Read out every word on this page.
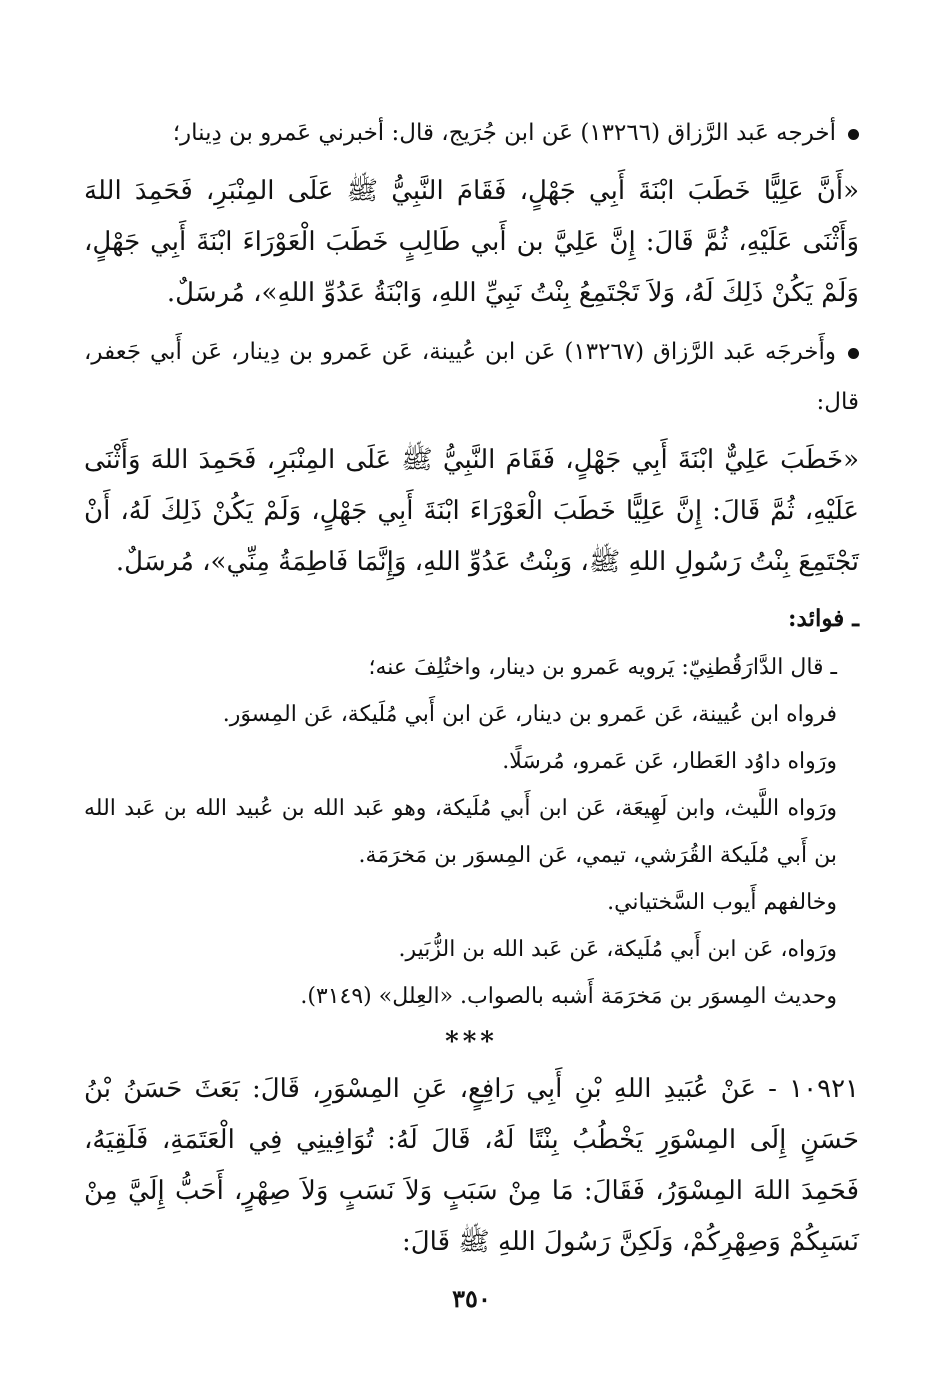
أخرجه عَبد الرَّزاق (١٣٢٦٦) عَن ابن جُرَيج، قال: أخبرني عَمرو بن دِينار؛

«أَنَّ عَلِيًّا خَطَبَ ابْنَةَ أَبِي جَهْلٍ، فَقَامَ النَّبِيُّ ﷺ عَلَى المِنْبَرِ، فَحَمِدَ اللهَ وَأَثْنَى عَلَيْهِ، ثُمَّ قَالَ: إِنَّ عَلِيَّ بن أَبي طَالِبٍ خَطَبَ الْعَوْرَاءَ ابْنَةَ أَبِي جَهْلٍ، وَلَمْ يَكُنْ ذَلِكَ لَهُ، وَلاَ تَجْتَمِعُ بِنْتُ نَبِيِّ اللهِ، وَابْنَةُ عَدُوِّ اللهِ»، مُرسَلٌ.

وأَخرجَه عَبد الرَّزاق (١٣٢٦٧) عَن ابن عُيينة، عَن عَمرو بن دِينار، عَن أَبي جَعفر، قال:

«خَطَبَ عَلِيٌّ ابْنَةَ أَبِي جَهْلٍ، فَقَامَ النَّبِيُّ ﷺ عَلَى المِنْبَرِ، فَحَمِدَ اللهَ وَأَثْنَى عَلَيْهِ، ثُمَّ قَالَ: إِنَّ عَلِيًّا خَطَبَ الْعَوْرَاءَ ابْنَةَ أَبِي جَهْلٍ، وَلَمْ يَكُنْ ذَلِكَ لَهُ، أَنْ تَجْتَمِعَ بِنْتُ رَسُولِ اللهِ ﷺ، وَبِنْتُ عَدُوِّ اللهِ، وَإِنَّمَا فَاطِمَةُ مِنِّي»، مُرسَلٌ.

ـ فوائد:

ـ قال الدَّارَقُطنِيّ: يَرويه عَمرو بن دينار، واختُلِفَ عنه؛

فرواه ابن عُيينة، عَن عَمرو بن دينار، عَن ابن أَبي مُلَيكة، عَن المِسوَر.

ورَواه داوُد العَطار، عَن عَمرو، مُرسَلًا.

ورَواه اللَّيث، وابن لَهِيعَة، عَن ابن أَبي مُلَيكة، وهو عَبد الله بن عُبيد الله بن عَبد الله بن أَبي مُلَيكة القُرَشي، تيمي، عَن المِسوَر بن مَخرَمَة.

وخالفهم أَيوب السَّختياني.

ورَواه، عَن ابن أَبي مُلَيكة، عَن عَبد الله بن الزُّبَير.

وحديث المِسوَر بن مَخرَمَة أَشبه بالصواب. «العِلل» (٣١٤٩).

***

١٠٩٢١ - عَنْ عُبَيدِ اللهِ بْنِ أَبِي رَافِعٍ، عَنِ المِسْوَرِ، قَالَ: بَعَثَ حَسَنُ بْنُ حَسَنٍ إِلَى المِسْوَرِ يَخْطُبُ بِنْتًا لَهُ، قَالَ لَهُ: تُوَافِينِي فِي الْعَتَمَةِ، فَلَقِيَهُ، فَحَمِدَ اللهَ المِسْوَرُ، فَقَالَ: مَا مِنْ سَبَبٍ وَلاَ نَسَبٍ وَلاَ صِهْرٍ، أَحَبُّ إِلَيَّ مِنْ نَسَبِكُمْ وَصِهْرِكُمْ، وَلَكِنَّ رَسُولَ اللهِ ﷺ قَالَ:

٣٥٠
